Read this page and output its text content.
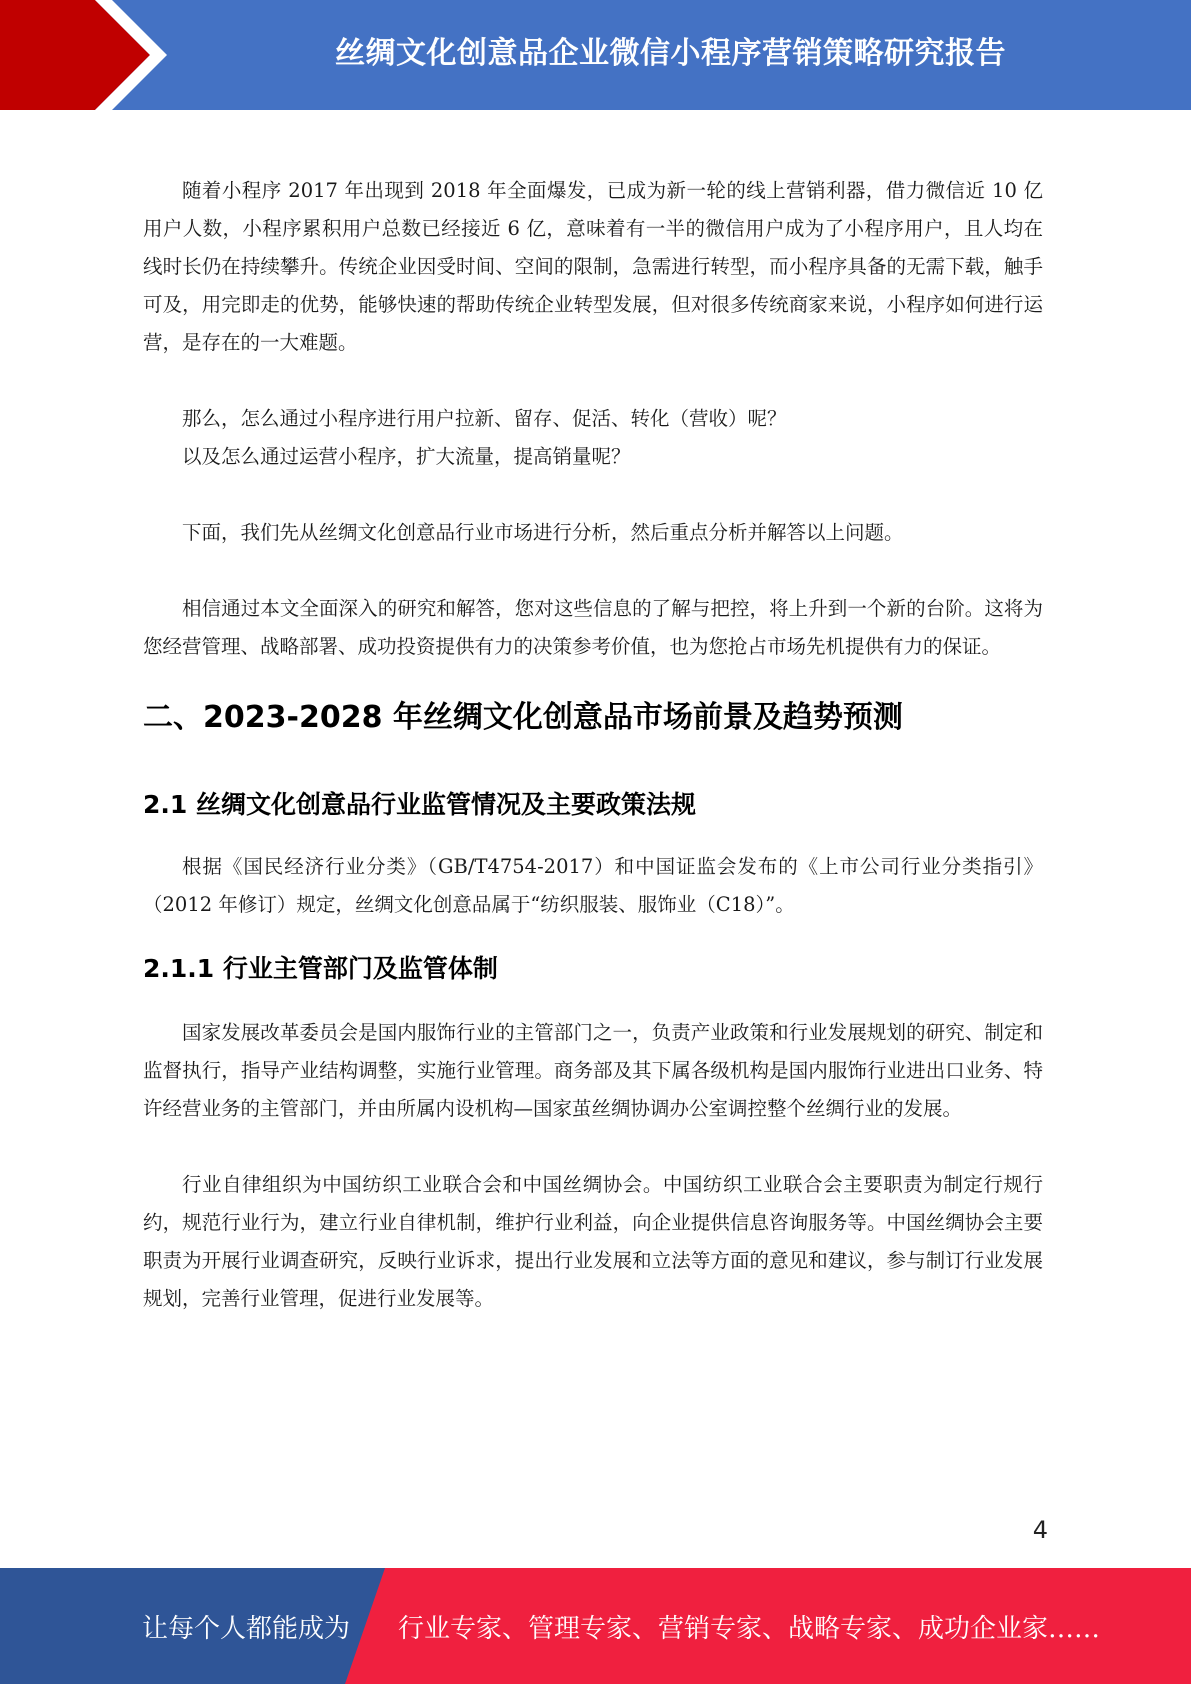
丝绸文化创意品企业微信小程序营销策略研究报告

随着小程序 2017 年出现到 2018 年全面爆发，已成为新一轮的线上营销利器，借力微信近 10 亿用户人数，小程序累积用户总数已经接近 6 亿，意味着有一半的微信用户成为了小程序用户，且人均在线时长仍在持续攀升。传统企业因受时间、空间的限制，急需进行转型，而小程序具备的无需下载，触手可及，用完即走的优势，能够快速的帮助传统企业转型发展，但对很多传统商家来说，小程序如何进行运营，是存在的一大难题。

那么，怎么通过小程序进行用户拉新、留存、促活、转化（营收）呢？

以及怎么通过运营小程序，扩大流量，提高销量呢？

下面，我们先从丝绸文化创意品行业市场进行分析，然后重点分析并解答以上问题。

相信通过本文全面深入的研究和解答，您对这些信息的了解与把控，将上升到一个新的台阶。这将为您经营管理、战略部署、成功投资提供有力的决策参考价值，也为您抢占市场先机提供有力的保证。

二、2023-2028 年丝绸文化创意品市场前景及趋势预测
2.1 丝绸文化创意品行业监管情况及主要政策法规

根据《国民经济行业分类》（GB/T4754-2017）和中国证监会发布的《上市公司行业分类指引》（2012 年修订）规定，丝绸文化创意品属于“纺织服装、服饰业（C18）”。

2.1.1 行业主管部门及监管体制

国家发展改革委员会是国内服饰行业的主管部门之一，负责产业政策和行业发展规划的研究、制定和监督执行，指导产业结构调整，实施行业管理。商务部及其下属各级机构是国内服饰行业进出口业务、特许经营业务的主管部门，并由所属内设机构—国家茧丝绸协调办公室调控整个丝绸行业的发展。

行业自律组织为中国纺织工业联合会和中国丝绸协会。中国纺织工业联合会主要职责为制定行规行约，规范行业行为，建立行业自律机制，维护行业利益，向企业提供信息咨询服务等。中国丝绸协会主要职责为开展行业调查研究，反映行业诉求，提出行业发展和立法等方面的意见和建议，参与制订行业发展规划，完善行业管理，促进行业发展等。

4
让每个人都能成为 行业专家、管理专家、营销专家、战略专家、成功企业家……
